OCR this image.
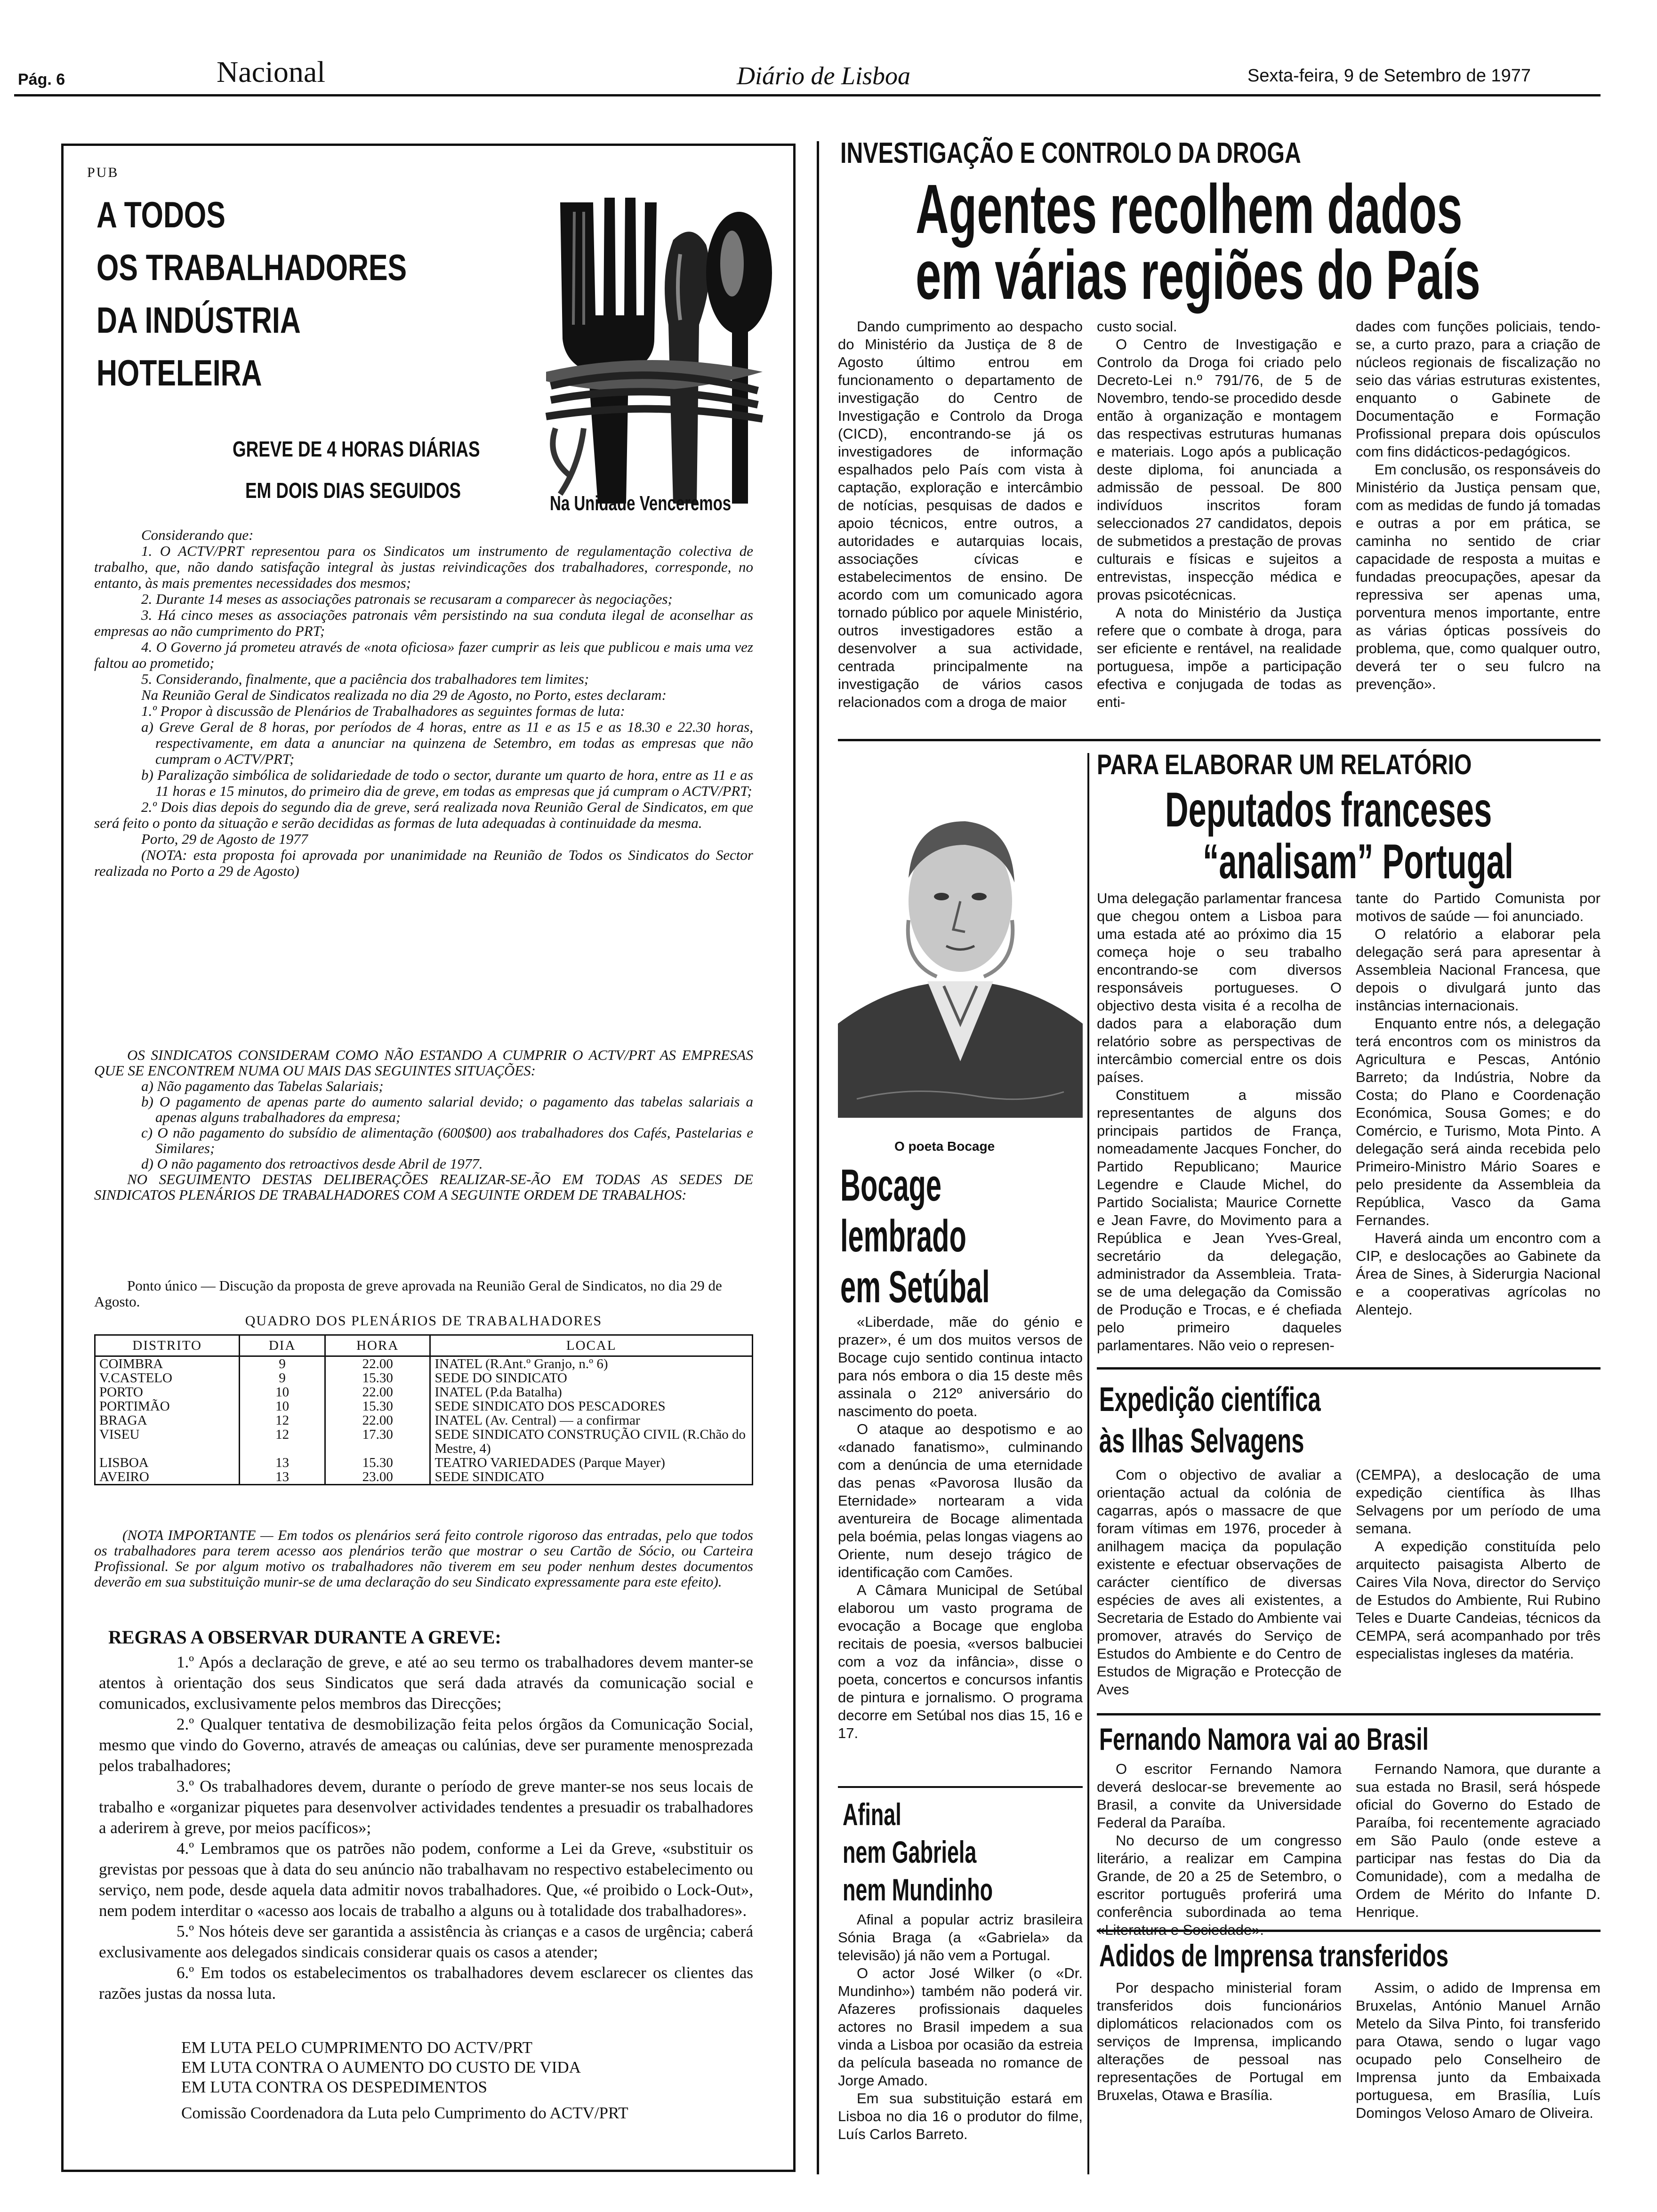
Pág. 6	Nacional	Diário de Lisboa	Sexta-feira, 9 de Setembro de 1977
PUB
A TODOS
OS TRABALHADORES
DA INDÚSTRIA
HOTELEIRA
GREVE DE 4 HORAS DIÁRIAS
EM DOIS DIAS SEGUIDOS
Na Unidade Venceremos
Considerando que:
1. O ACTV/PRT representou para os Sindicatos um instrumento de regulamentação colectiva de trabalho, que, não dando satisfação integral às justas reivindicações dos trabalhadores, corresponde, no entanto, às mais prementes necessidades dos mesmos;
2. Durante 14 meses as associações patronais se recusaram a comparecer às negociações;
3. Há cinco meses as associações patronais vêm persistindo na sua conduta ilegal de aconselhar as empresas ao não cumprimento do PRT;
4. O Governo já prometeu através de «nota oficiosa» fazer cumprir as leis que publicou e mais uma vez faltou ao prometido;
5. Considerando, finalmente, que a paciência dos trabalhadores tem limites;
Na Reunião Geral de Sindicatos realizada no dia 29 de Agosto, no Porto, estes declaram:
1.º Propor à discussão de Plenários de Trabalhadores as seguintes formas de luta:
a) Greve Geral de 8 horas, por períodos de 4 horas, entre as 11 e as 15 e as 18.30 e 22.30 horas, respectivamente, em data a anunciar na quinzena de Setembro, em todas as empresas que não cumpram o ACTV/PRT;
b) Paralização simbólica de solidariedade de todo o sector, durante um quarto de hora, entre as 11 e as 11 horas e 15 minutos, do primeiro dia de greve, em todas as empresas que já cumpram o ACTV/PRT;
2.º Dois dias depois do segundo dia de greve, será realizada nova Reunião Geral de Sindicatos, em que será feito o ponto da situação e serão decididas as formas de luta adequadas à continuidade da mesma.
Porto, 29 de Agosto de 1977
(NOTA: esta proposta foi aprovada por unanimidade na Reunião de Todos os Sindicatos do Sector realizada no Porto a 29 de Agosto)
OS SINDICATOS CONSIDERAM COMO NÃO ESTANDO A CUMPRIR O ACTV/PRT AS EMPRESAS QUE SE ENCONTREM NUMA OU MAIS DAS SEGUINTES SITUAÇÕES:
a) Não pagamento das Tabelas Salariais;
b) O pagamento de apenas parte do aumento salarial devido; o pagamento das tabelas salariais a apenas alguns trabalhadores da empresa;
c) O não pagamento do subsídio de alimentação (600$00) aos trabalhadores dos Cafés, Pastelarias e Similares;
d) O não pagamento dos retroactivos desde Abril de 1977.
NO SEGUIMENTO DESTAS DELIBERAÇÕES REALIZAR-SE-ÃO EM TODAS AS SEDES DE SINDICATOS PLENÁRIOS DE TRABALHADORES COM A SEGUINTE ORDEM DE TRABALHOS:
Ponto único — Discução da proposta de greve aprovada na Reunião Geral de Sindicatos, no dia 29 de Agosto.
QUADRO DOS PLENÁRIOS DE TRABALHADORES
DISTRITO	DIA	HORA	LOCAL
COIMBRA	9	22.00	INATEL (R.Ant.º Granjo, n.º 6)
V.CASTELO	9	15.30	SEDE DO SINDICATO
PORTO	10	22.00	INATEL (P.da Batalha)
PORTIMÃO	10	15.30	SEDE SINDICATO DOS PESCADORES
BRAGA	12	22.00	INATEL (Av. Central) — a confirmar
VISEU	12	17.30	SEDE SINDICATO CONSTRUÇÃO CIVIL (R.Chão do Mestre, 4)
LISBOA	13	15.30	TEATRO VARIEDADES (Parque Mayer)
AVEIRO	13	23.00	SEDE SINDICATO
(NOTA IMPORTANTE — Em todos os plenários será feito controle rigoroso das entradas, pelo que todos os trabalhadores para terem acesso aos plenários terão que mostrar o seu Cartão de Sócio, ou Carteira Profissional. Se por algum motivo os trabalhadores não tiverem em seu poder nenhum destes documentos deverão em sua substituição munir-se de uma declaração do seu Sindicato expressamente para este efeito).
REGRAS A OBSERVAR DURANTE A GREVE:
1.º Após a declaração de greve, e até ao seu termo os trabalhadores devem manter-se atentos à orientação dos seus Sindicatos que será dada através da comunicação social e comunicados, exclusivamente pelos membros das Direcções;
2.º Qualquer tentativa de desmobilização feita pelos órgãos da Comunicação Social, mesmo que vindo do Governo, através de ameaças ou calúnias, deve ser puramente menosprezada pelos trabalhadores;
3.º Os trabalhadores devem, durante o período de greve manter-se nos seus locais de trabalho e «organizar piquetes para desenvolver actividades tendentes a presuadir os trabalhadores a aderirem à greve, por meios pacíficos»;
4.º Lembramos que os patrões não podem, conforme a Lei da Greve, «substituir os grevistas por pessoas que à data do seu anúncio não trabalhavam no respectivo estabelecimento ou serviço, nem pode, desde aquela data admitir novos trabalhadores. Que, «é proibido o Lock-Out», nem podem interditar o «acesso aos locais de trabalho a alguns ou à totalidade dos trabalhadores».
5.º Nos hóteis deve ser garantida a assistência às crianças e a casos de urgência; caberá exclusivamente aos delegados sindicais considerar quais os casos a atender;
6.º Em todos os estabelecimentos os trabalhadores devem esclarecer os clientes das razões justas da nossa luta.
EM LUTA PELO CUMPRIMENTO DO ACTV/PRT
EM LUTA CONTRA O AUMENTO DO CUSTO DE VIDA
EM LUTA CONTRA OS DESPEDIMENTOS
Comissão Coordenadora da Luta pelo Cumprimento do ACTV/PRT
INVESTIGAÇÃO E CONTROLO DA DROGA
Agentes recolhem dados
em várias regiões do País

Dando cumprimento ao despacho do Ministério da Justiça de 8 de Agosto último entrou em funcionamento o departamento de investigação do Centro de Investigação e Controlo da Droga (CICD), encontrando-se já os investigadores de informação espalhados pelo País com vista à captação, exploração e intercâmbio de notícias, pesquisas de dados e apoio técnicos, entre outros, a autoridades e autarquias locais, associações cívicas e estabelecimentos de ensino. De acordo com um comunicado agora tornado público por aquele Ministério, outros investigadores estão a desenvolver a sua actividade, centrada principalmente na investigação de vários casos relacionados com a droga de maior

custo social.

O Centro de Investigação e Controlo da Droga foi criado pelo Decreto-Lei n.º 791/76, de 5 de Novembro, tendo-se procedido desde então à organização e montagem das respectivas estruturas humanas e materiais. Logo após a publicação deste diploma, foi anunciada a admissão de pessoal. De 800 indivíduos inscritos foram seleccionados 27 candidatos, depois de submetidos a prestação de provas culturais e físicas e sujeitos a entrevistas, inspecção médica e provas psicotécnicas.

A nota do Ministério da Justiça refere que o combate à droga, para ser eficiente e rentável, na realidade portuguesa, impõe a participação efectiva e conjugada de todas as enti-

dades com funções policiais, tendo-se, a curto prazo, para a criação de núcleos regionais de fiscalização no seio das várias estruturas existentes, enquanto o Gabinete de Documentação e Formação Profissional prepara dois opúsculos com fins didácticos-pedagógicos.

Em conclusão, os responsáveis do Ministério da Justiça pensam que, com as medidas de fundo já tomadas e outras a por em prática, se caminha no sentido de criar capacidade de resposta a muitas e fundadas preocupações, apesar da repressiva ser apenas uma, porventura menos importante, entre as várias ópticas possíveis do problema, que, como qualquer outro, deverá ter o seu fulcro na prevenção».

O poeta Bocage
Bocage
lembrado
em Setúbal

«Liberdade, mãe do génio e prazer», é um dos muitos versos de Bocage cujo sentido continua intacto para nós embora o dia 15 deste mês assinala o 212º aniversário do nascimento do poeta.

O ataque ao despotismo e ao «danado fanatismo», culminando com a denúncia de uma eternidade das penas «Pavorosa Ilusão da Eternidade» nortearam a vida aventureira de Bocage alimentada pela boémia, pelas longas viagens ao Oriente, num desejo trágico de identificação com Camões.

A Câmara Municipal de Setúbal elaborou um vasto programa de evocação a Bocage que engloba recitais de poesia, «versos balbuciei com a voz da infância», disse o poeta, concertos e concursos infantis de pintura e jornalismo. O programa decorre em Setúbal nos dias 15, 16 e 17.

Afinal
nem Gabriela
nem Mundinho

Afinal a popular actriz brasileira Sónia Braga (a «Gabriela» da televisão) já não vem a Portugal.

O actor José Wilker (o «Dr. Mundinho») também não poderá vir. Afazeres profissionais daqueles actores no Brasil impedem a sua vinda a Lisboa por ocasião da estreia da película baseada no romance de Jorge Amado.

Em sua substituição estará em Lisboa no dia 16 o produtor do filme, Luís Carlos Barreto.

PARA ELABORAR UM RELATÓRIO
Deputados franceses
“analisam” Portugal

Uma delegação parlamentar francesa que chegou ontem a Lisboa para uma estada até ao próximo dia 15 começa hoje o seu trabalho encontrando-se com diversos responsáveis portugueses. O objectivo desta visita é a recolha de dados para a elaboração dum relatório sobre as perspectivas de intercâmbio comercial entre os dois países.

Constituem a missão representantes de alguns dos principais partidos de França, nomeadamente Jacques Foncher, do Partido Republicano; Maurice Legendre e Claude Michel, do Partido Socialista; Maurice Cornette e Jean Favre, do Movimento para a República e Jean Yves-Greal, secretário da delegação, administrador da Assembleia. Trata-se de uma delegação da Comissão de Produção e Trocas, e é chefiada pelo primeiro daqueles parlamentares. Não veio o represen-

tante do Partido Comunista por motivos de saúde — foi anunciado.

O relatório a elaborar pela delegação será para apresentar à Assembleia Nacional Francesa, que depois o divulgará junto das instâncias internacionais.

Enquanto entre nós, a delegação terá encontros com os ministros da Agricultura e Pescas, António Barreto; da Indústria, Nobre da Costa; do Plano e Coordenação Económica, Sousa Gomes; e do Comércio, e Turismo, Mota Pinto. A delegação será ainda recebida pelo Primeiro-Ministro Mário Soares e pelo presidente da Assembleia da República, Vasco da Gama Fernandes.

Haverá ainda um encontro com a CIP, e deslocações ao Gabinete da Área de Sines, à Siderurgia Nacional e a cooperativas agrícolas no Alentejo.

Expedição científica
às Ilhas Selvagens

Com o objectivo de avaliar a orientação actual da colónia de cagarras, após o massacre de que foram vítimas em 1976, proceder à anilhagem maciça da população existente e efectuar observações de carácter científico de diversas espécies de aves ali existentes, a Secretaria de Estado do Ambiente vai promover, através do Serviço de Estudos do Ambiente e do Centro de Estudos de Migração e Protecção de Aves

(CEMPA), a deslocação de uma expedição científica às Ilhas Selvagens por um período de uma semana.

A expedição constituída pelo arquitecto paisagista Alberto de Caires Vila Nova, director do Serviço de Estudos do Ambiente, Rui Rubino Teles e Duarte Candeias, técnicos da CEMPA, será acompanhado por três especialistas ingleses da matéria.

Fernando Namora vai ao Brasil

O escritor Fernando Namora deverá deslocar-se brevemente ao Brasil, a convite da Universidade Federal da Paraíba.

No decurso de um congresso literário, a realizar em Campina Grande, de 20 a 25 de Setembro, o escritor português proferirá uma conferência subordinada ao tema

Fernando Namora, que durante a sua estada no Brasil, será hóspede oficial do Governo do Estado de Paraíba, foi recentemente agraciado em São Paulo (onde esteve a participar nas festas do Dia da Comunidade), com a medalha de Ordem de Mérito do Infante D. Henrique.

Adidos de Imprensa transferidos

Por despacho ministerial foram transferidos dois funcionários diplomáticos relacionados com os serviços de Imprensa, implicando alterações de pessoal nas representações de Portugal em Bruxelas, Otawa e Brasília.

Assim, o adido de Imprensa em Bruxelas, António Manuel Arnão Metelo da Silva Pinto, foi transferido para Otawa, sendo o lugar vago ocupado pelo Conselheiro de Imprensa junto da Embaixada portuguesa, em Brasília, Luís Domingos Veloso Amaro de Oliveira.
